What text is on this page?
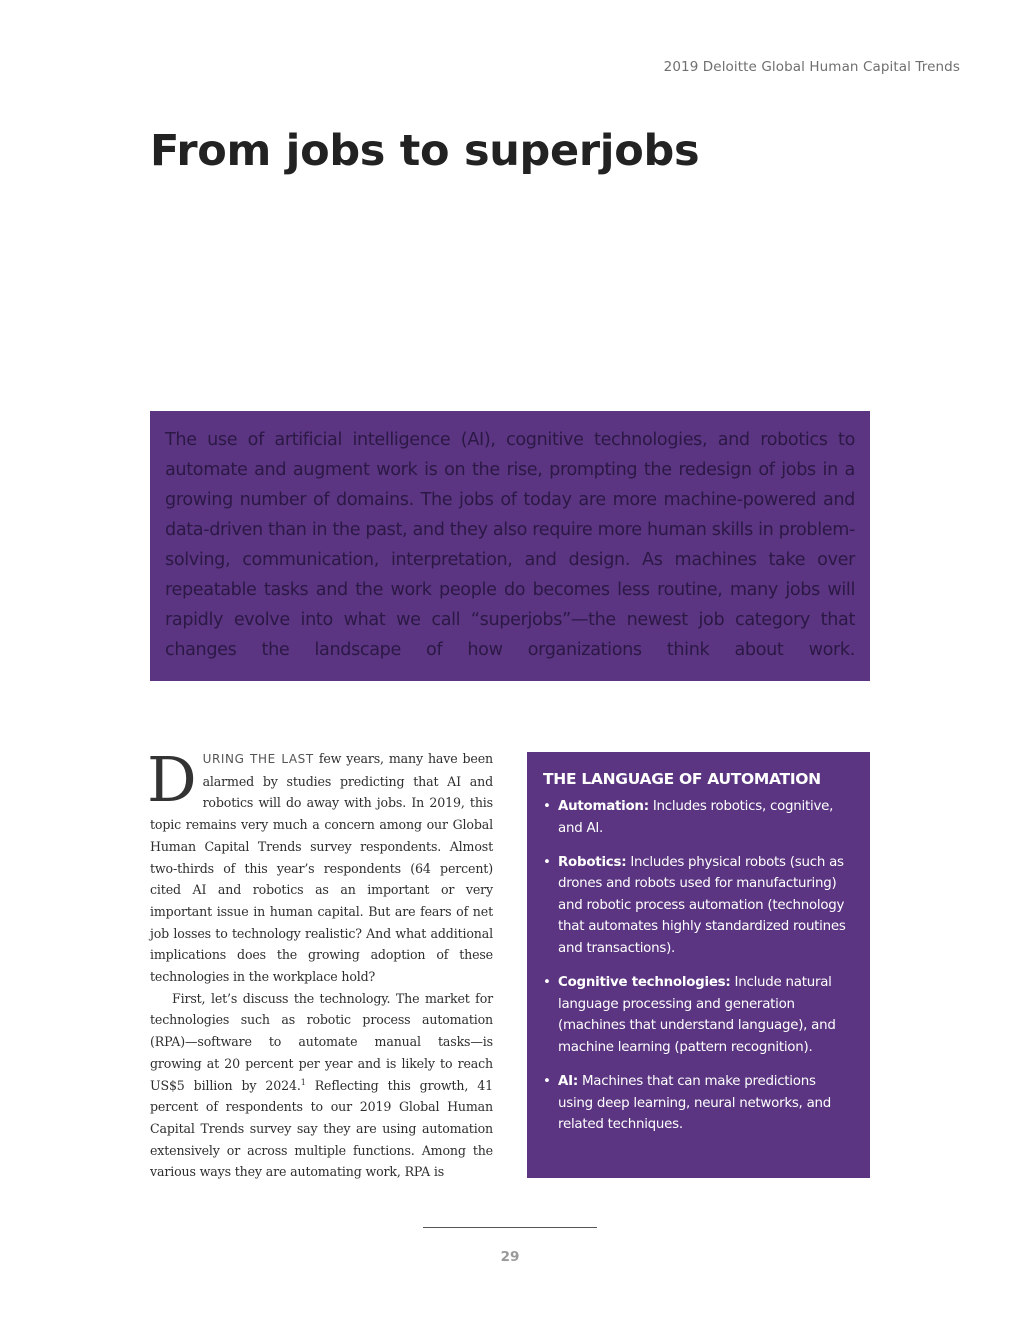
2019 Deloitte Global Human Capital Trends
From jobs to superjobs

The use of artificial intelligence (AI), cognitive technologies, and robotics to automate and augment work is on the rise, prompting the redesign of jobs in a growing number of domains. The jobs of today are more machine-powered and data-driven than in the past, and they also require more human skills in problem-solving, communication, interpretation, and design. As machines take over repeatable tasks and the work people do becomes less routine, many jobs will rapidly evolve into what we call “superjobs”—the newest job category that changes the landscape of how organizations think about work.

DURING THE LAST few years, many have been alarmed by studies predicting that AI and robotics will do away with jobs. In 2019, this topic remains very much a concern among our Global Human Capital Trends survey respondents. Almost two-thirds of this year’s respondents (64 percent) cited AI and robotics as an important or very important issue in human capital. But are fears of net job losses to technology realistic? And what additional implications does the growing adoption of these technologies in the workplace hold?

First, let’s discuss the technology. The market for technologies such as robotic process automation (RPA)—software to automate manual tasks—is growing at 20 percent per year and is likely to reach US$5 billion by 2024.$^1$ Reflecting this growth, 41 percent of respondents to our 2019 Global Human Capital Trends survey say they are using automation extensively or across multiple functions. Among the various ways they are automating work, RPA is

THE LANGUAGE OF AUTOMATION
• Automation: Includes robotics, cognitive, and AI.
• Robotics: Includes physical robots (such as drones and robots used for manufacturing) and robotic process automation (technology that automates highly standardized routines and transactions).
• Cognitive technologies: Include natural language processing and generation (machines that understand language), and machine learning (pattern recognition).
• AI: Machines that can make predictions using deep learning, neural networks, and related techniques.
29
